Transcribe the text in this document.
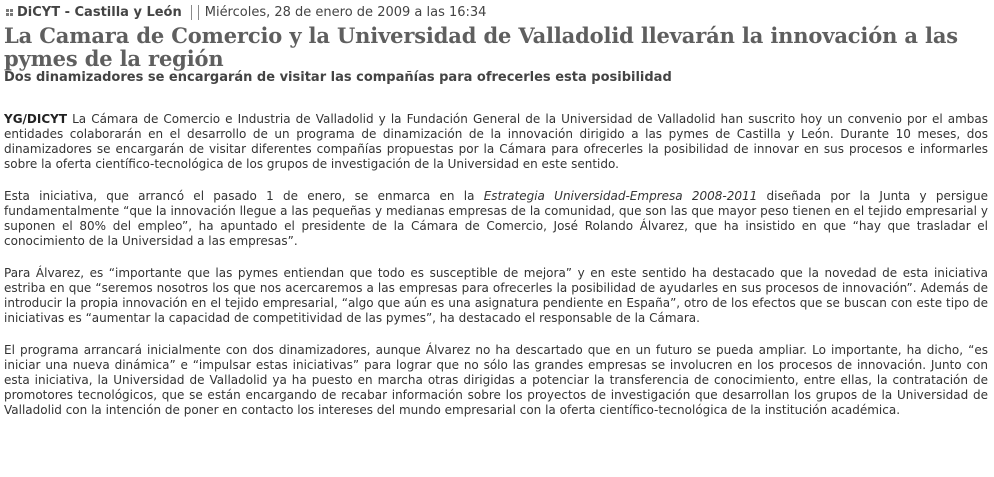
DiCYT - Castilla y León Miércoles, 28 de enero de 2009 a las 16:34
La Camara de Comercio y la Universidad de Valladolid llevarán la innovación a las pymes de la región
Dos dinamizadores se encargarán de visitar las compañías para ofrecerles esta posibilidad

YG/DICYT La Cámara de Comercio e Industria de Valladolid y la Fundación General de la Universidad de Valladolid han suscrito hoy un convenio por el ambas entidades colaborarán en el desarrollo de un programa de dinamización de la innovación dirigido a las pymes de Castilla y León. Durante 10 meses, dos dinamizadores se encargarán de visitar diferentes compañías propuestas por la Cámara para ofrecerles la posibilidad de innovar en sus procesos e informarles sobre la oferta científico-tecnológica de los grupos de investigación de la Universidad en este sentido.

Esta iniciativa, que arrancó el pasado 1 de enero, se enmarca en la Estrategia Universidad-Empresa 2008-2011 diseñada por la Junta y persigue fundamentalmente “que la innovación llegue a las pequeñas y medianas empresas de la comunidad, que son las que mayor peso tienen en el tejido empresarial y suponen el 80% del empleo”, ha apuntado el presidente de la Cámara de Comercio, José Rolando Álvarez, que ha insistido en que “hay que trasladar el conocimiento de la Universidad a las empresas”.

Para Álvarez, es “importante que las pymes entiendan que todo es susceptible de mejora” y en este sentido ha destacado que la novedad de esta iniciativa estriba en que “seremos nosotros los que nos acercaremos a las empresas para ofrecerles la posibilidad de ayudarles en sus procesos de innovación”. Además de introducir la propia innovación en el tejido empresarial, “algo que aún es una asignatura pendiente en España”, otro de los efectos que se buscan con este tipo de iniciativas es “aumentar la capacidad de competitividad de las pymes”, ha destacado el responsable de la Cámara.

El programa arrancará inicialmente con dos dinamizadores, aunque Álvarez no ha descartado que en un futuro se pueda ampliar. Lo importante, ha dicho, “es iniciar una nueva dinámica” e “impulsar estas iniciativas” para lograr que no sólo las grandes empresas se involucren en los procesos de innovación. Junto con esta iniciativa, la Universidad de Valladolid ya ha puesto en marcha otras dirigidas a potenciar la transferencia de conocimiento, entre ellas, la contratación de promotores tecnológicos, que se están encargando de recabar información sobre los proyectos de investigación que desarrollan los grupos de la Universidad de Valladolid con la intención de poner en contacto los intereses del mundo empresarial con la oferta científico-tecnológica de la institución académica.
